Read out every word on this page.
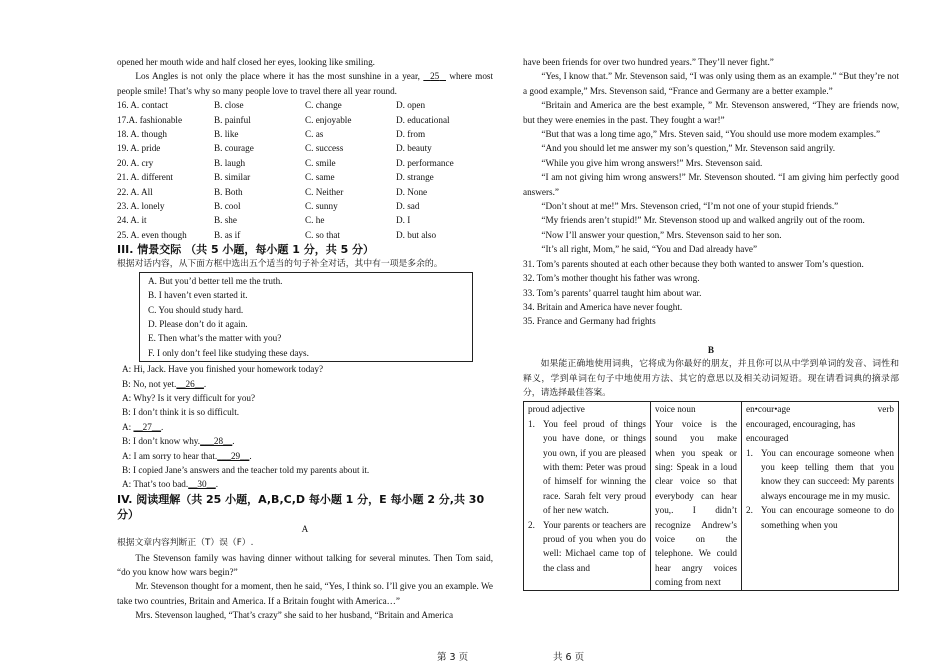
opened her mouth wide and half closed her eyes, looking like smiling.

Los Angles is not only the place where it has the most sunshine in a year, 25 where most people smile! That’s why so many people love to travel there all year round.

16. A. contact	B. close	C. change	D. open
17.A. fashionable	B. painful	C. enjoyable	D. educational
18. A. though	B. like	C. as	D. from
19. A. pride	B. courage	C. success	D. beauty
20. A. cry	B. laugh	C. smile	D. performance
21. A. different	B. similar	C. same	D. strange
22. A. All	B. Both	C. Neither	D. None
23. A. lonely	B. cool	C. sunny	D. sad
24. A. it	B. she	C. he	D. I
25. A. even though	B. as if	C. so that	D. but also

III. 情景交际 （共 5 小题，每小题 1 分，共 5 分）

根据对话内容，从下面方框中选出五个适当的句子补全对话，其中有一项是多余的。

A. But you’d better tell me the truth.
B. I haven’t even started it.
C. You should study hard.
D. Please don’t do it again.
E. Then what’s the matter with you?
F. I only don’t feel like studying these days.
A: Hi, Jack. Have you finished your homework today?
B: No, not yet.__26__.
A: Why? Is it very difficult for you?
B: I don’t think it is so difficult.
A: __27__.
B: I don’t know why.___28__.
A: I am sorry to hear that.___29__.
B: I copied Jane’s answers and the teacher told my parents about it.
A: That’s too bad.__30__.

IV. 阅读理解（共 25 小题，A,B,C,D 每小题 1 分，E 每小题 2 分,共 30 分）

A

根据文章内容判断正（T）误（F）.

The Stevenson family was having dinner without talking for several minutes. Then Tom said, “do you know how wars begin?”

Mr. Stevenson thought for a moment, then he said, “Yes, I think so. I’ll give you an example. We take two countries, Britain and America. If a Britain fought with America…”

Mrs. Stevenson laughed, “That’s crazy” she said to her husband, “Britain and America

have been friends for over two hundred years.” They’ll never fight.”

“Yes, I know that.” Mr. Stevenson said, “I was only using them as an example.” “But they’re not a good example,” Mrs. Stevenson said, “France and Germany are a better example.”

“Britain and America are the best example, ” Mr. Stevenson answered, “They are friends now, but they were enemies in the past. They fought a war!”

“But that was a long time ago,” Mrs. Steven said, “You should use more modem examples.”

“And you should let me answer my son’s question,” Mr. Stevenson said angrily.

“While you give him wrong answers!” Mrs. Stevenson said.

“I am not giving him wrong answers!” Mr. Stevenson shouted. “I am giving him perfectly good answers.”

“Don’t shout at me!” Mrs. Stevenson cried, “I’m not one of your stupid friends.”

“My friends aren’t stupid!” Mr. Stevenson stood up and walked angrily out of the room.

“Now I’ll answer your question,” Mrs. Stevenson said to her son.

“It’s all right, Mom,” he said, “You and Dad already have”

31. Tom’s parents shouted at each other because they both wanted to answer Tom’s question.

32. Tom’s mother thought his father was wrong.

33. Tom’s parents’ quarrel taught him about war.

34. Britain and America have never fought.

35. France and Germany had frights

B

如果能正确地使用词典，它将成为你最好的朋友，并且你可以从中学到单词的发音、词性和释义，学到单词在句子中地使用方法、其它的意思以及相关动词短语。现在请看词典的摘录部分，请选择最佳答案。

proud adjective
1. You feel proud of things you have done, or things you own, if you are pleased with them: Peter was proud of himself for winning the race. Sarah felt very proud of her new watch.
2. Your parents or teachers are proud of you when you do well: Michael came top of the class and

voice noun
Your voice is the sound you make when you speak or sing: Speak in a loud clear voice so that everybody can hear you,. I didn’t recognize Andrew’s voice on the telephone. We could hear angry voices coming from next

en•cour•age	verb
encouraged, encouraging, has encouraged
1. You can encourage someone when you keep telling them that you know they can succeed: My parents always encourage me in my music.
2. You can encourage someone to do something when you
第 3 页	共 6 页
